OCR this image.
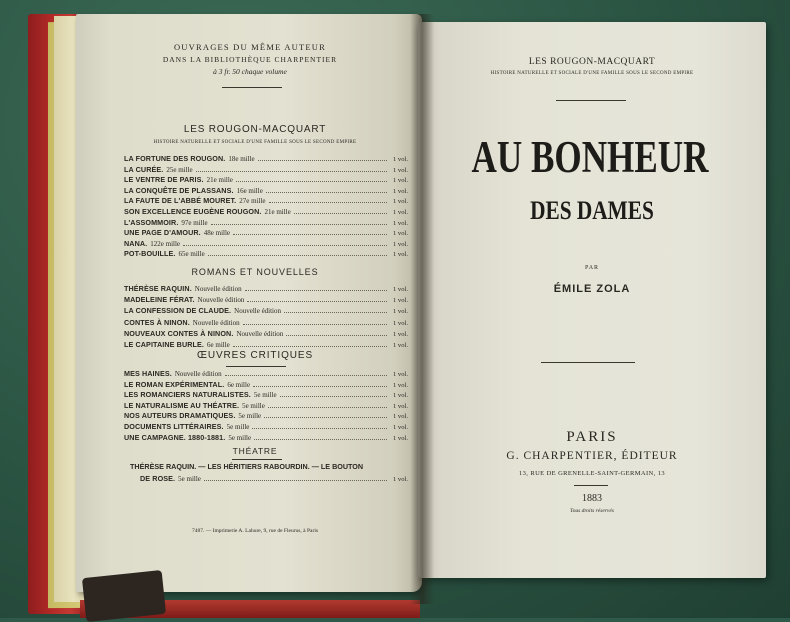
OUVRAGES DU MÊME AUTEUR
DANS LA BIBLIOTHÈQUE CHARPENTIER
à 3 fr. 50 chaque volume
LES ROUGON-MACQUART
HISTOIRE NATURELLE ET SOCIALE D'UNE FAMILLE SOUS LE SECOND EMPIRE
LA FORTUNE DES ROUGON. 18e mille	1 vol.
LA CURÉE. 25e mille	1 vol.
LE VENTRE DE PARIS. 21e mille	1 vol.
LA CONQUÊTE DE PLASSANS. 16e mille	1 vol.
LA FAUTE DE L'ABBÉ MOURET. 27e mille	1 vol.
SON EXCELLENCE EUGÈNE ROUGON. 21e mille	1 vol.
L'ASSOMMOIR. 97e mille	1 vol.
UNE PAGE D'AMOUR. 48e mille	1 vol.
NANA. 122e mille	1 vol.
POT-BOUILLE. 65e mille	1 vol.
ROMANS ET NOUVELLES
THÉRÈSE RAQUIN. Nouvelle édition	1 vol.
MADELEINE FÉRAT. Nouvelle édition	1 vol.
LA CONFESSION DE CLAUDE. Nouvelle édition	1 vol.
CONTES À NINON. Nouvelle édition	1 vol.
NOUVEAUX CONTES À NINON. Nouvelle édition	1 vol.
LE CAPITAINE BURLE. 6e mille	1 vol.
ŒUVRES CRITIQUES
MES HAINES. Nouvelle édition	1 vol.
LE ROMAN EXPÉRIMENTAL. 6e mille	1 vol.
LES ROMANCIERS NATURALISTES. 5e mille	1 vol.
LE NATURALISME AU THÉATRE. 5e mille	1 vol.
NOS AUTEURS DRAMATIQUES. 5e mille	1 vol.
DOCUMENTS LITTÉRAIRES. 5e mille	1 vol.
UNE CAMPAGNE. 1880-1881. 5e mille	1 vol.
THÉATRE
THÉRÈSE RAQUIN. — LES HÉRITIERS RABOURDIN. — LE BOUTON
DE ROSE. 5e mille	1 vol.
7487. — Imprimerie A. Lahure, 9, rue de Fleurus, à Paris
LES ROUGON-MACQUART
HISTOIRE NATURELLE ET SOCIALE D'UNE FAMILLE SOUS LE SECOND EMPIRE
AU BONHEUR
DES DAMES
PAR
ÉMILE ZOLA
PARIS
G. CHARPENTIER, ÉDITEUR
13, RUE DE GRENELLE-SAINT-GERMAIN, 13
1883
Tous droits réservés
